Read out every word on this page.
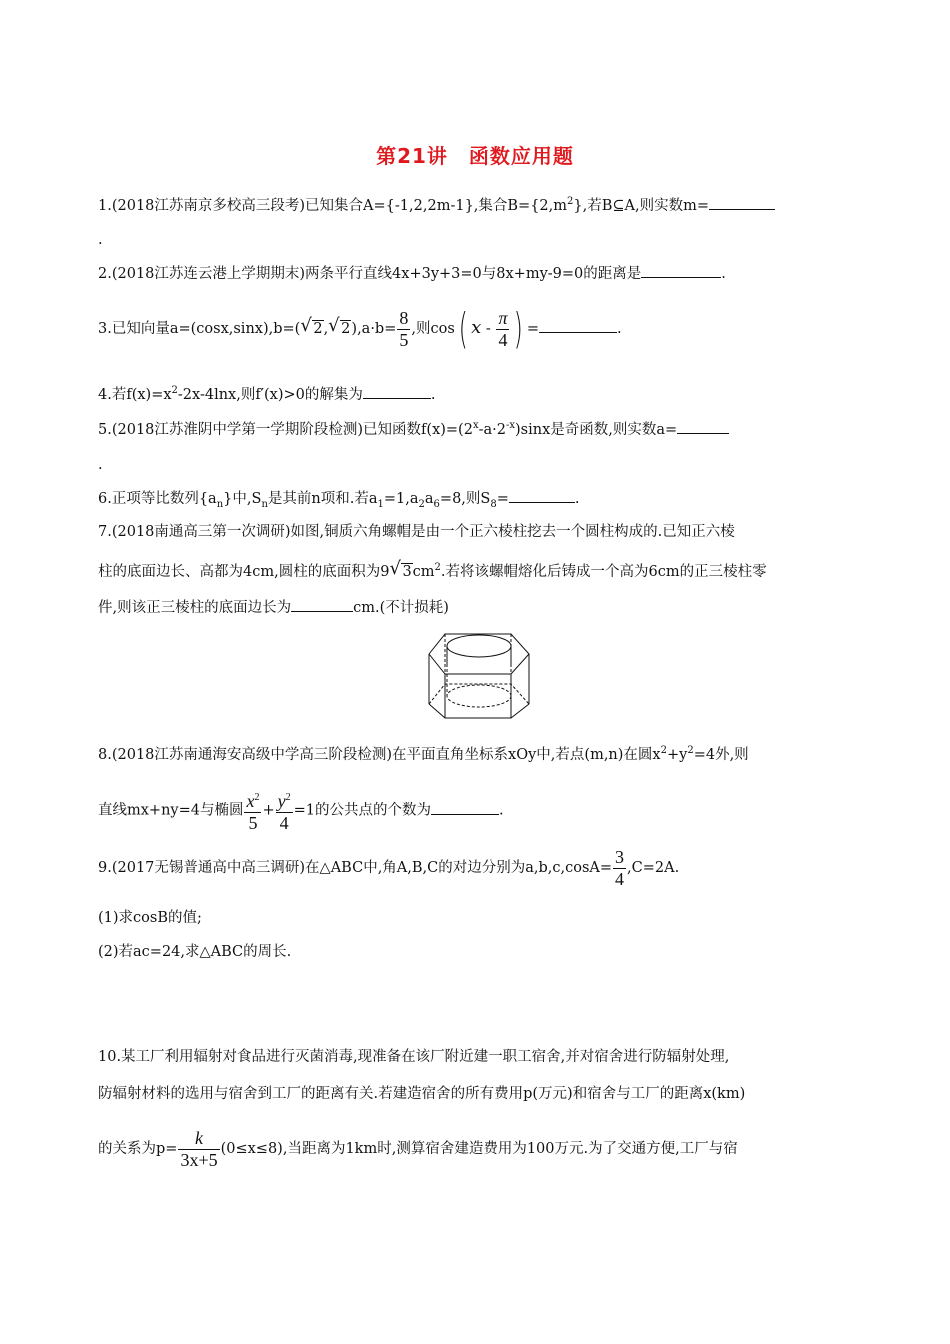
第21讲　函数应用题
1.(2018江苏南京多校高三段考)已知集合A={-1,2,2m-1},集合$B=\{2,m^2\}$,若B⊆A,则实数m=
.
2.(2018江苏连云港上学期期末)两条平行直线4x+3y+3=0与8x+my-9=0的距离是	.
3.已知向量a=(cosx,sinx),b=( √ 2, √ $2),a\cdot b= \frac{8}{5}$ ,则cos( x - $\frac{\pi}{4}$ ) =	.
4.若$f(x)=x^2-2x-4\ln x$,则f′(x)>0的解集为	.
5.(2018江苏淮阴中学第一学期阶段检测)已知函数$f(x)=(2^x-a\cdot 2^{-x})\sin x$是奇函数,则实数a=
.
6.正项等比数列$\{a_n\}$中$,S_n$是其前n项和.若$a_1=1,a_2a_6=8$,则$S_8=$	.
7.(2018南通高三第一次调研)如图,铜质六角螺帽是由一个正六棱柱挖去一个圆柱构成的.已知正六棱
柱的底面边长、高都为4cm,圆柱的底面积为9 √ $3cm^2$.若将该螺帽熔化后铸成一个高为6cm的正三棱柱零
件,则该正三棱柱的底面边长为	cm.(不计损耗)
8.(2018江苏南通海安高级中学高三阶段检测)在平面直角坐标系xOy中,若点(m,n)在圆$x^2+y^2=4$外,则
直线mx+ny=4与椭圆 $\frac{x^2}{5} + \frac{y^2}{4} =1$的公共点的个数为	.
9.(2017无锡普通高中高三调研)在△ABC中,角A,B,C的对边分别为$a,b,c,\cos A= \frac{3}{4} ,C=2A$.
(1)求cosB的值;
(2)若ac=24,求△ABC的周长.
10.某工厂利用辐射对食品进行灭菌消毒,现准备在该厂附近建一职工宿舍,并对宿舍进行防辐射处理,
防辐射材料的选用与宿舍到工厂的距离有关.若建造宿舍的所有费用p(万元)和宿舍与工厂的距离x(km)
的关系为$p= \frac{k}{3x+5} (0\le x\le 8)$,当距离为1km时,测算宿舍建造费用为100万元.为了交通方便,工厂与宿
